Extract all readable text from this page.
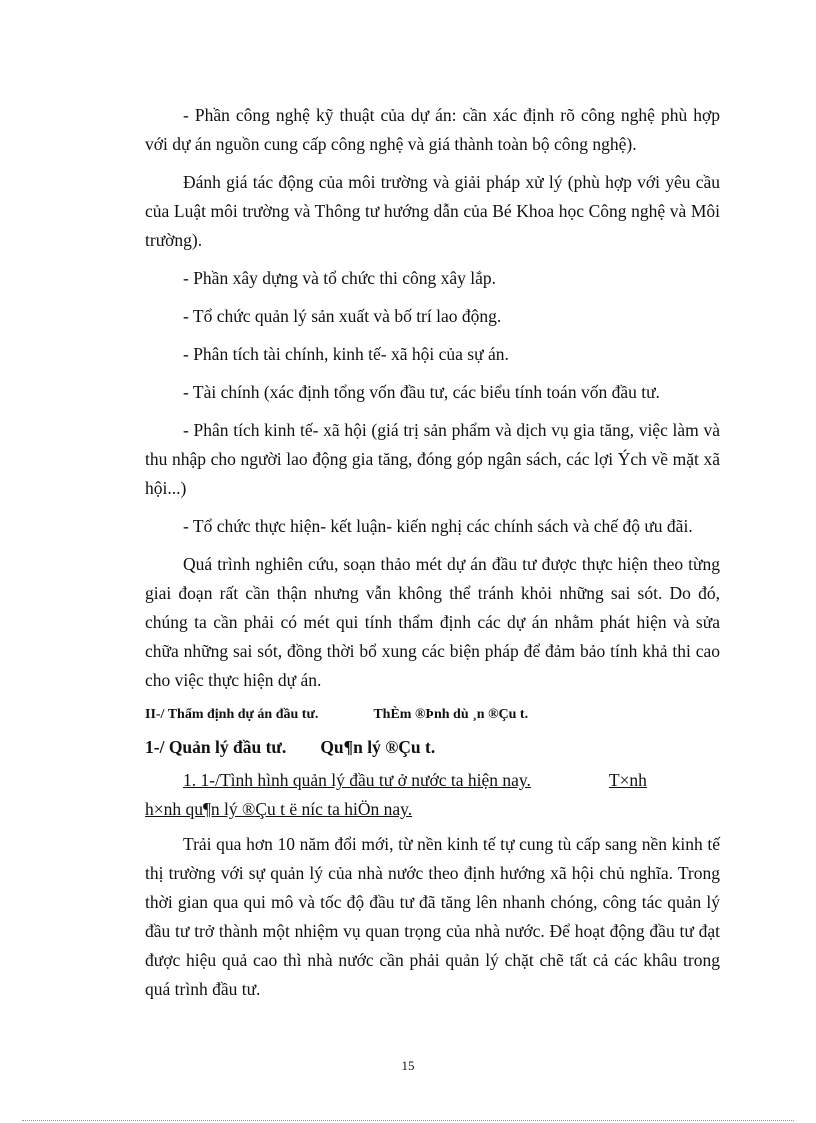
- Phần công nghệ kỹ thuật của dự án: cần xác định rõ công nghệ phù hợp với dự án nguồn cung cấp công nghệ và giá thành toàn bộ công nghệ).

Đánh giá tác động của môi trường và giải pháp xử lý (phù hợp với yêu cầu của Luật môi trường và Thông tư hướng dẫn của Bé Khoa học Công nghệ và Môi trường).

- Phần xây dựng và tổ chức thi công xây lắp.

- Tổ chức quản lý sản xuất và bố trí lao động.

- Phân tích tài chính, kinh tế- xã hội của sự án.

- Tài chính (xác định tổng vốn đầu tư, các biểu tính toán vốn đầu tư.

- Phân tích kinh tế- xã hội (giá trị sản phẩm và dịch vụ gia tăng, việc làm và thu nhập cho người lao động gia tăng, đóng góp ngân sách, các lợi Ých về mặt xã hội...)

- Tổ chức thực hiện- kết luận- kiến nghị các chính sách và chế độ ưu đãi.

Quá trình nghiên cứu, soạn thảo mét dự án đầu tư được thực hiện theo từng giai đoạn rất cần thận nhưng vẫn không thể tránh khỏi những sai sót. Do đó, chúng ta cần phải có mét qui tính thẩm định các dự án nhằm phát hiện và sửa chữa những sai sót, đồng thời bổ xung các biện pháp để đảm bảo tính khả thi cao cho việc thực hiện dự án.

II-/ Thẩm định dự án đầu tư.	ThÈm ®Þnh dù ¸n ®Çu t.
1-/ Quản lý đầu tư. Qu¶n lý ®Çu t.
1. 1-/Tình hình quản lý đầu tư ở nước ta hiện nay.	T×nh
h×nh qu¶n lý ®Çu t ë níc ta hiÖn nay.

Trải qua hơn 10 năm đổi mới, từ nền kinh tế tự cung tù cấp sang nền kinh tế thị trường với sự quản lý của nhà nước theo định hướng xã hội chủ nghĩa. Trong thời gian qua qui mô và tốc độ đầu tư đã tăng lên nhanh chóng, công tác quản lý đầu tư trở thành một nhiệm vụ quan trọng của nhà nước. Để hoạt động đầu tư đạt được hiệu quả cao thì nhà nước cần phải quản lý chặt chẽ tất cả các khâu trong quá trình đầu tư.

15
